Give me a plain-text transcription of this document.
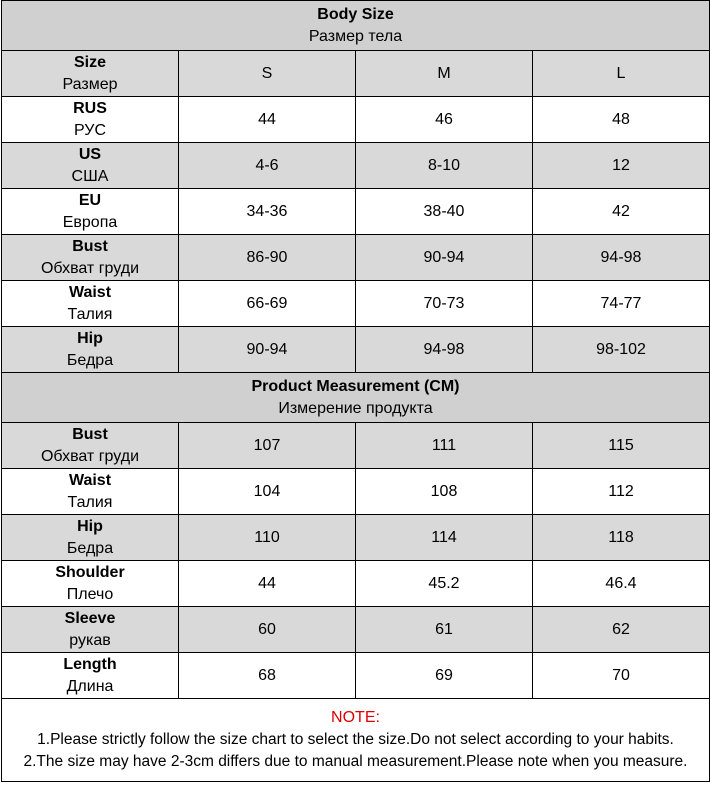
Body Size
Размер тела			

Size
Размер	S	M	L

RUS
РУС	44	46	48

US
США	4-6	8-10	12

EU
Европа	34-36	38-40	42

Bust
Обхват груди	86-90	90-94	94-98

Waist
Талия	66-69	70-73	74-77

Hip
Бедра	90-94	94-98	98-102

Product Measurement (CM)
Измерение продукта			

Bust
Обхват груди	107	111	115

Waist
Талия	104	108	112

Hip
Бедра	110	114	118

Shoulder
Плечо	44	45.2	46.4

Sleeve
рукав	60	61	62

Length
Длина	68	69	70

NOTE:
1.Please strictly follow the size chart to select the size.Do not select according to your habits.
2.The size may have 2-3cm differs due to manual measurement.Please note when you measure.			
